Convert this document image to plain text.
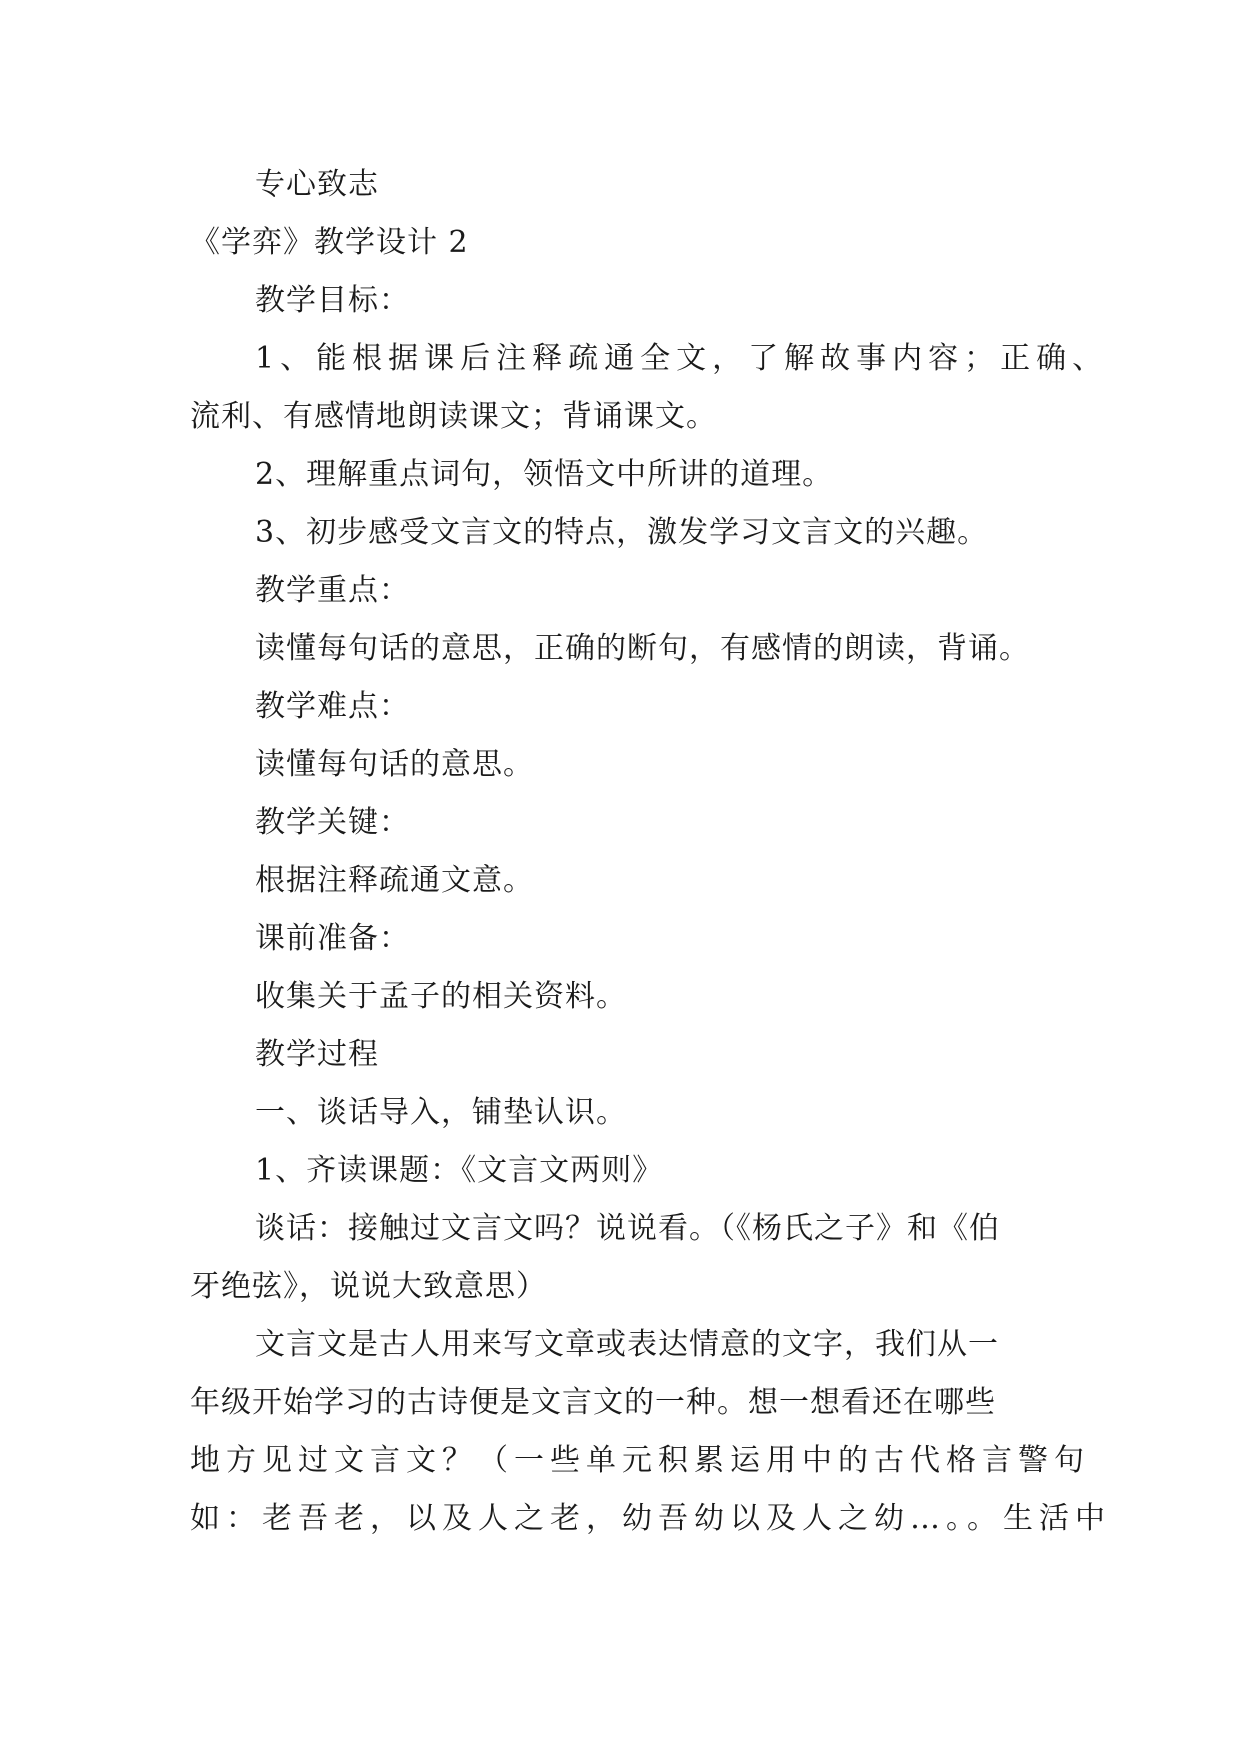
专心致志
《学弈》教学设计 2
教学目标：
1、能根据课后注释疏通全文，了解故事内容；正确、
流利、有感情地朗读课文；背诵课文。
2、理解重点词句，领悟文中所讲的道理。
3、初步感受文言文的特点，激发学习文言文的兴趣。
教学重点：
读懂每句话的意思，正确的断句，有感情的朗读，背诵。
教学难点：
读懂每句话的意思。
教学关键：
根据注释疏通文意。
课前准备：
收集关于孟子的相关资料。
教学过程
一、谈话导入，铺垫认识。
1、齐读课题：《文言文两则》
谈话：接触过文言文吗？说说看。（《杨氏之子》和《伯
牙绝弦》，说说大致意思）
文言文是古人用来写文章或表达情意的文字，我们从一
年级开始学习的古诗便是文言文的一种。想一想看还在哪些
地方见过文言文？（一些单元积累运用中的古代格言警句
如：老吾老，以及人之老，幼吾幼以及人之幼…。。生活中
